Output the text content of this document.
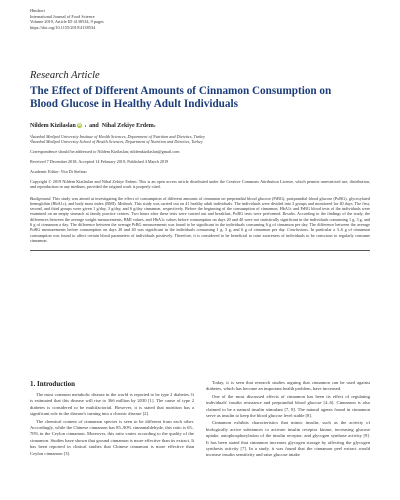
Hindawi
International Journal of Food Science
Volume 2019, Article ID 4138534, 9 pages
https://doi.org/10.1155/2019/4138534
Research Article
The Effect of Different Amounts of Cinnamon Consumption on Blood Glucose in Healthy Adult Individuals
Nildem Kizilaslan iD 1 and Nihal Zekiye Erdem 2
¹İstanbul Medipol University Institute of Health Sciences, Department of Nutrition and Dietetics, Turkey
²İstanbul Medipol University School of Health Sciences, Department of Nutrition and Dietetics, Turkey
Correspondence should be addressed to Nildem Kizilaslan; nildemkizilaslan@gmail.com
Received 7 December 2018; Accepted 14 February 2019; Published 4 March 2019
Academic Editor: Vita Di Stefano
Copyright © 2019 Nildem Kizilaslan and Nihal Zekiye Erdem. This is an open access article distributed under the Creative Commons Attribution License, which permits unrestricted use, distribution, and reproduction in any medium, provided the original work is properly cited.
Background. This study was aimed at investigating the effect of consumption of different amounts of cinnamon on preprandial blood glucose (PrBG), postprandial blood glucose (PoBG), glycosylated hemoglobin (HbA1c), and body mass index (BMI). Methods. This study was carried out on 41 healthy adult individuals. The individuals were divided into 3 groups and monitored for 40 days. The first, second, and third groups were given 1 g/day, 3 g/day, and 6 g/day cinnamon, respectively. Before the beginning of the consumption of cinnamon, HbA1c and PrBG blood tests of the individuals were examined on an empty stomach at family practice centers. Two hours after these tests were carried out and breakfast, PoBG tests were performed. Results. According to the findings of the study, the differences between the average weight measurements, BMI values, and HbA1c values before consumption on days 20 and 40 were not statistically significant in the individuals consuming 1 g, 3 g, and 6 g of cinnamon a day. The difference between the average PrBG measurements was found to be significant in the individuals consuming 6 g of cinnamon per day. The difference between the average PoBG measurements before consumption on days 20 and 40 was significant in the individuals consuming 1 g, 3 g, and 6 g of cinnamon per day. Conclusions. In particular a 3–6 g of cinnamon consumption was found to affect certain blood parameters of individuals positively. Therefore, it is considered to be beneficial to raise awareness of individuals to be conscious to regularly consume cinnamon.
1. Introduction

The most common metabolic disease in the world is reported to be type 2 diabetes. It is estimated that this disease will rise to 366 million by 2030 [1]. The cause of type 2 diabetes is considered to be multifactorial. However, it is stated that nutrition has a significant role in the disease's turning into a chronic disease [2].

The chemical content of cinnamon species is seen to be different from each other. Accordingly, while the Chinese cinnamon has 85–90% cinnamaldehyde, this ratio is 65–70% in the Ceylon cinnamon. Moreover, this ratio varies according to the quality of the cinnamon. Studies have shown that ground cinnamon is more effective than its extract. It has been reported in clinical studies that Chinese cinnamon is more effective than Ceylon cinnamon [3].

Today, it is seen that research studies arguing that cinnamon can be used against diabetes, which has become an important health problem, have increased.

One of the most discussed effects of cinnamon has been its effect of regulating individuals' insulin resistance and preprandial blood glucose [4–6]. Cinnamon is also claimed to be a natural insulin stimulant [7, 8]. The natural agents found in cinnamon serve as insulin to keep the blood glucose level stable [8].

Cinnamon exhibits characteristics that mimic insulin, such as the activity of biologically active substances to activate insulin receptor kinase, increasing glucose uptake, autophosphorylation of the insulin receptor, and glycogen synthase activity [9]. It has been stated that cinnamon increases glycogen storage by affecting the glycogen synthesis activity [7]. In a study, it was found that the cinnamon peel extract would increase insulin sensitivity and raise glucose intake
